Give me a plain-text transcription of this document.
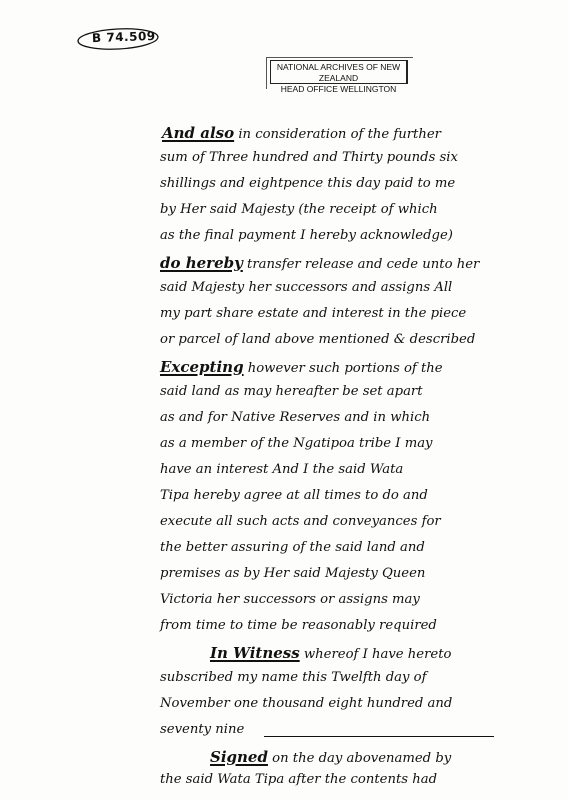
B 74.509
NATIONAL ARCHIVES OF NEW ZEALAND
HEAD OFFICE WELLINGTON
And also in consideration of the further
sum of Three hundred and Thirty pounds six
shillings and eightpence this day paid to me
by Her said Majesty (the receipt of which
as the final payment I hereby acknowledge)
do hereby transfer release and cede unto her
said Majesty her successors and assigns All
my part share estate and interest in the piece
or parcel of land above mentioned & described
Excepting however such portions of the
said land as may hereafter be set apart
as and for Native Reserves and in which
as a member of the Ngatipoa tribe I may
have an interest And I the said Wata
Tipa hereby agree at all times to do and
execute all such acts and conveyances for
the better assuring of the said land and
premises as by Her said Majesty Queen
Victoria her successors or assigns may
from time to time be reasonably required
In Witness whereof I have hereto
subscribed my name this Twelfth day of
November one thousand eight hundred and
seventy nine
Signed on the day abovenamed by
the said Wata Tipa after the contents had
